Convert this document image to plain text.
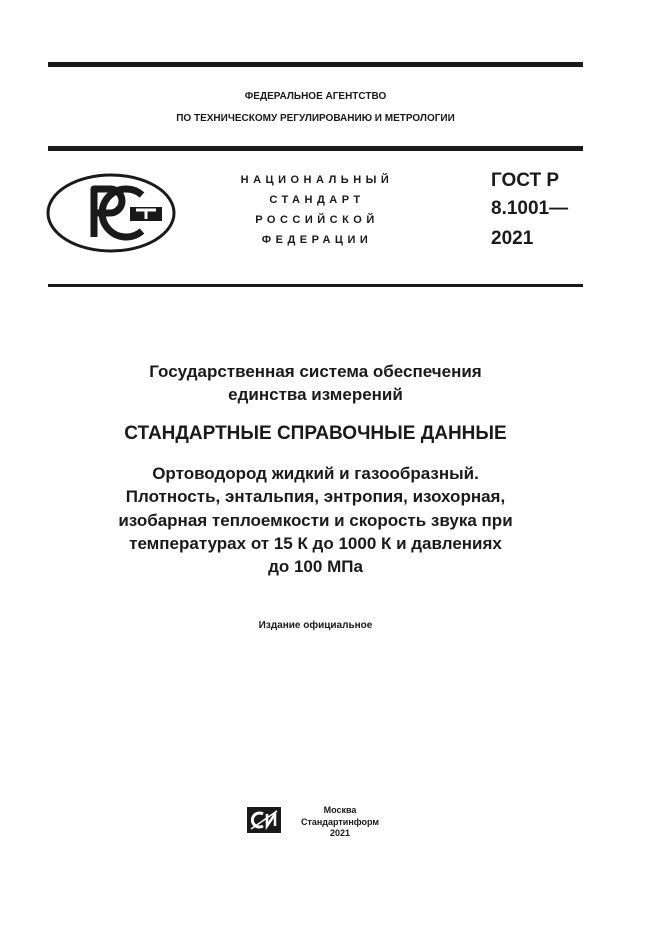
ФЕДЕРАЛЬНОЕ АГЕНТСТВО
ПО ТЕХНИЧЕСКОМУ РЕГУЛИРОВАНИЮ И МЕТРОЛОГИИ
НАЦИОНАЛЬНЫЙ
СТАНДАРТ
РОССИЙСКОЙ
ФЕДЕРАЦИИ
ГОСТ Р
8.1001—
2021
Государственная система обеспечения
единства измерений
СТАНДАРТНЫЕ СПРАВОЧНЫЕ ДАННЫЕ
Ортоводород жидкий и газообразный.
Плотность, энтальпия, энтропия, изохорная,
изобарная теплоемкости и скорость звука при
температурах от 15 К до 1000 К и давлениях
до 100 МПа
Издание официальное
Москва
Стандартинформ
2021
